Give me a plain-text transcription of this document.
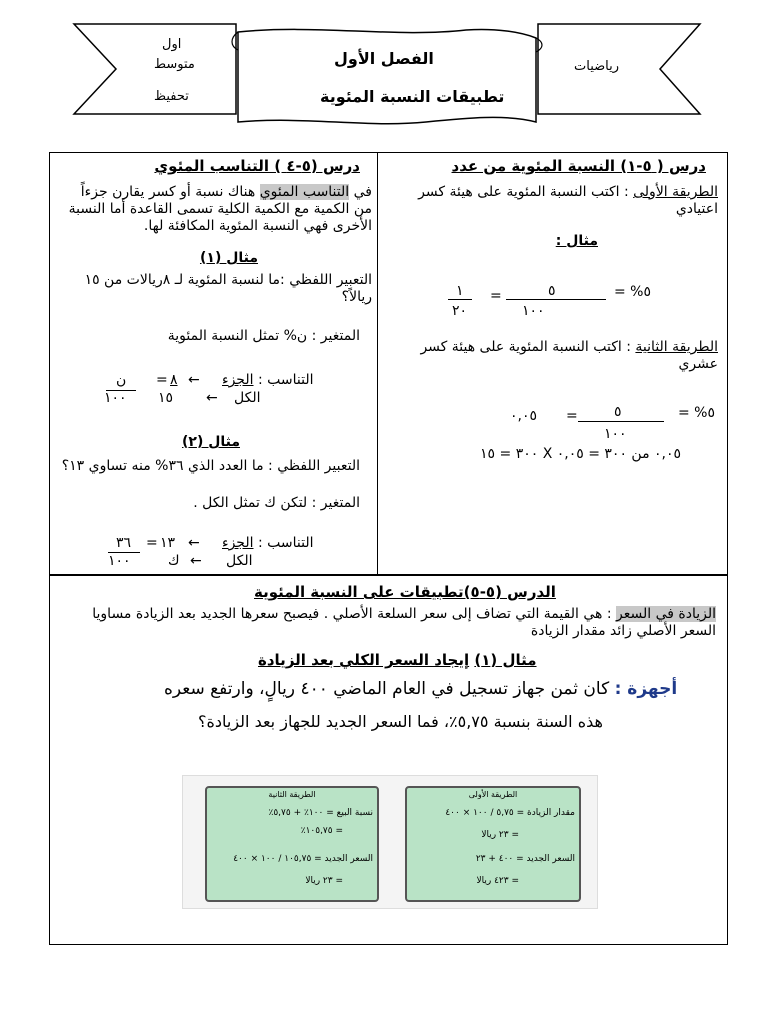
اول
متوسط
تحفيظ
الفصل الأول
تطبيقات النسبة المئوية
رياضيات
درس ( ٥-١) النسبة المئوية من عدد
الطريقة الأولى : اكتب النسبة المئوية على هيئة كسر اعتيادي
مثال :
٥% =
٥
١٠٠
=
١
٢٠
الطريقة الثانية : اكتب النسبة المئوية على هيئة كسر عشري
٥% =
٥
١٠٠
=
٠,٠٥
٠,٠٥ من ٣٠٠ = ٠,٠٥ X ٣٠٠ = ١٥
درس (٥-٤ ) التناسب المئوي
في التناسب المئوي هناك نسبة أو كسر يقارن جزءاً من الكمية مع الكمية الكلية تسمى القاعدة أما النسبة الأخرى فهي النسبة المئوية المكافئة لها.
مثال (١)
التعبير اللفظي :ما لنسبة المئوية لـ ٨ريالات من ١٥ ريالاً؟
المتغير : ن% تمثل النسبة المئوية
التناسب :
الجزء
الكل
←
←
٨
١٥
=
ن
١٠٠
مثال (٢)
التعبير اللفظي : ما العدد الذي ٣٦% منه تساوي ١٣؟
المتغير : لتكن ك تمثل الكل .
التناسب :
الجزء
الكل
←
←
١٣
ك
=
٣٦
١٠٠
الدرس (٥-٥)تطبيقات على النسبة المئوية
الزيادة في السعر : هي القيمة التي تضاف إلى سعر السلعة الأصلي . فيصبح سعرها الجديد بعد الزيادة مساويا السعر الأصلي زائد مقدار الزيادة
مثال (١) إيجاد السعر الكلي بعد الزيادة
أجهزة : كان ثمن جهاز تسجيل في العام الماضي ٤٠٠ ريالٍ، وارتفع سعره
هذه السنة بنسبة ٥,٧٥٪، فما السعر الجديد للجهاز بعد الزيادة؟
الطريقة الثانية
نسبة البيع = ١٠٠٪ + ٥,٧٥٪
= ١٠٥,٧٥٪
السعر الجديد = ١٠٥,٧٥ / ١٠٠ × ٤٠٠
= ٢٣ ريالا
الطريقة الأولى
مقدار الزيادة = ٥,٧٥ / ١٠٠ × ٤٠٠
= ٢٣ ريالا
السعر الجديد = ٤٠٠ + ٢٣
= ٤٢٣ ريالا
